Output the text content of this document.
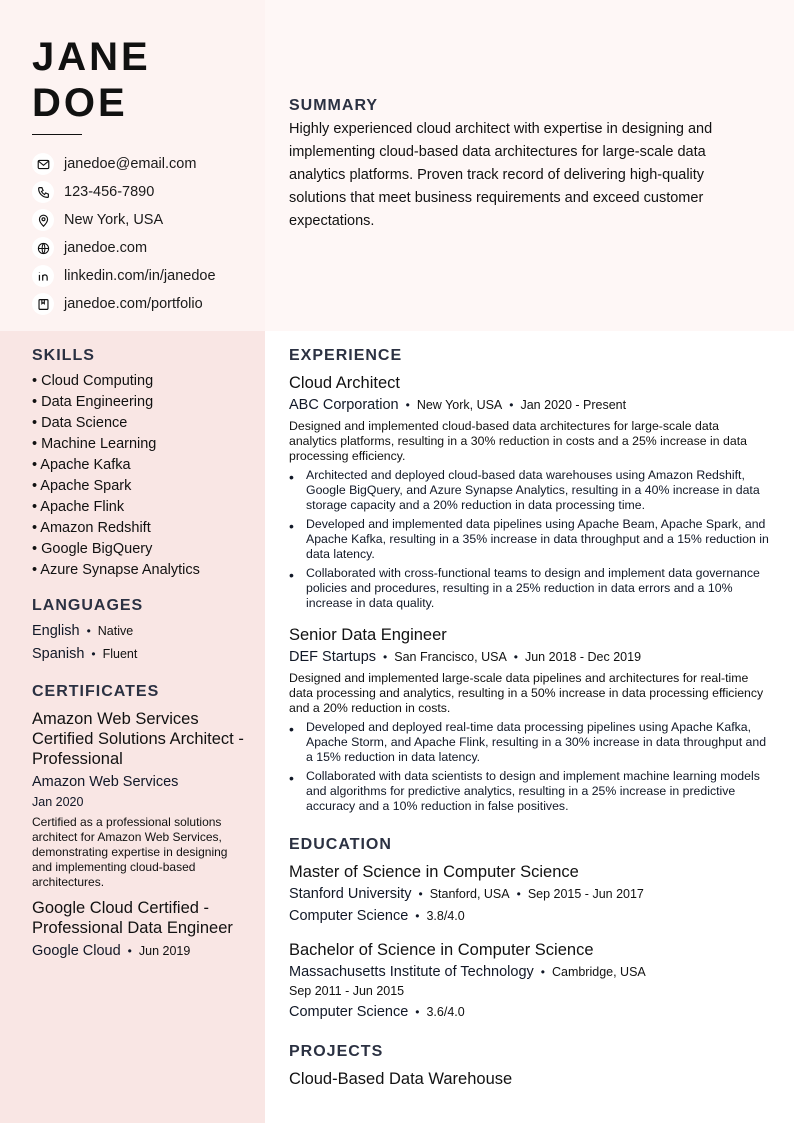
JANE
DOE
janedoe@email.com
123-456-7890
New York, USA
janedoe.com
linkedin.com/in/janedoe
janedoe.com/portfolio
SUMMARY

Highly experienced cloud architect with expertise in designing and implementing cloud-based data architectures for large-scale data analytics platforms. Proven track record of delivering high-quality solutions that meet business requirements and exceed customer expectations.

SKILLS
• Cloud Computing
• Data Engineering
• Data Science
• Machine Learning
• Apache Kafka
• Apache Spark
• Apache Flink
• Amazon Redshift
• Google BigQuery
• Azure Synapse Analytics
LANGUAGES
English • Native
Spanish • Fluent
CERTIFICATES
Amazon Web Services Certified Solutions Architect - Professional
Amazon Web Services
Jan 2020
Certified as a professional solutions architect for Amazon Web Services, demonstrating expertise in designing and implementing cloud-based architectures.
Google Cloud Certified - Professional Data Engineer
Google Cloud • Jun 2019
EXPERIENCE
Cloud Architect
ABC Corporation • New York, USA • Jan 2020 - Present
Designed and implemented cloud-based data architectures for large-scale data analytics platforms, resulting in a 30% reduction in costs and a 25% increase in data processing efficiency.
• Architected and deployed cloud-based data warehouses using Amazon Redshift, Google BigQuery, and Azure Synapse Analytics, resulting in a 40% increase in data storage capacity and a 20% reduction in data processing time.
• Developed and implemented data pipelines using Apache Beam, Apache Spark, and Apache Kafka, resulting in a 35% increase in data throughput and a 15% reduction in data latency.
• Collaborated with cross-functional teams to design and implement data governance policies and procedures, resulting in a 25% reduction in data errors and a 10% increase in data quality.
Senior Data Engineer
DEF Startups • San Francisco, USA • Jun 2018 - Dec 2019
Designed and implemented large-scale data pipelines and architectures for real-time data processing and analytics, resulting in a 50% increase in data processing efficiency and a 20% reduction in costs.
• Developed and deployed real-time data processing pipelines using Apache Kafka, Apache Storm, and Apache Flink, resulting in a 30% increase in data throughput and a 15% reduction in data latency.
• Collaborated with data scientists to design and implement machine learning models and algorithms for predictive analytics, resulting in a 25% increase in predictive accuracy and a 10% reduction in false positives.
EDUCATION
Master of Science in Computer Science
Stanford University • Stanford, USA • Sep 2015 - Jun 2017
Computer Science • 3.8/4.0
Bachelor of Science in Computer Science
Massachusetts Institute of Technology • Cambridge, USA
Sep 2011 - Jun 2015
Computer Science • 3.6/4.0
PROJECTS
Cloud-Based Data Warehouse
